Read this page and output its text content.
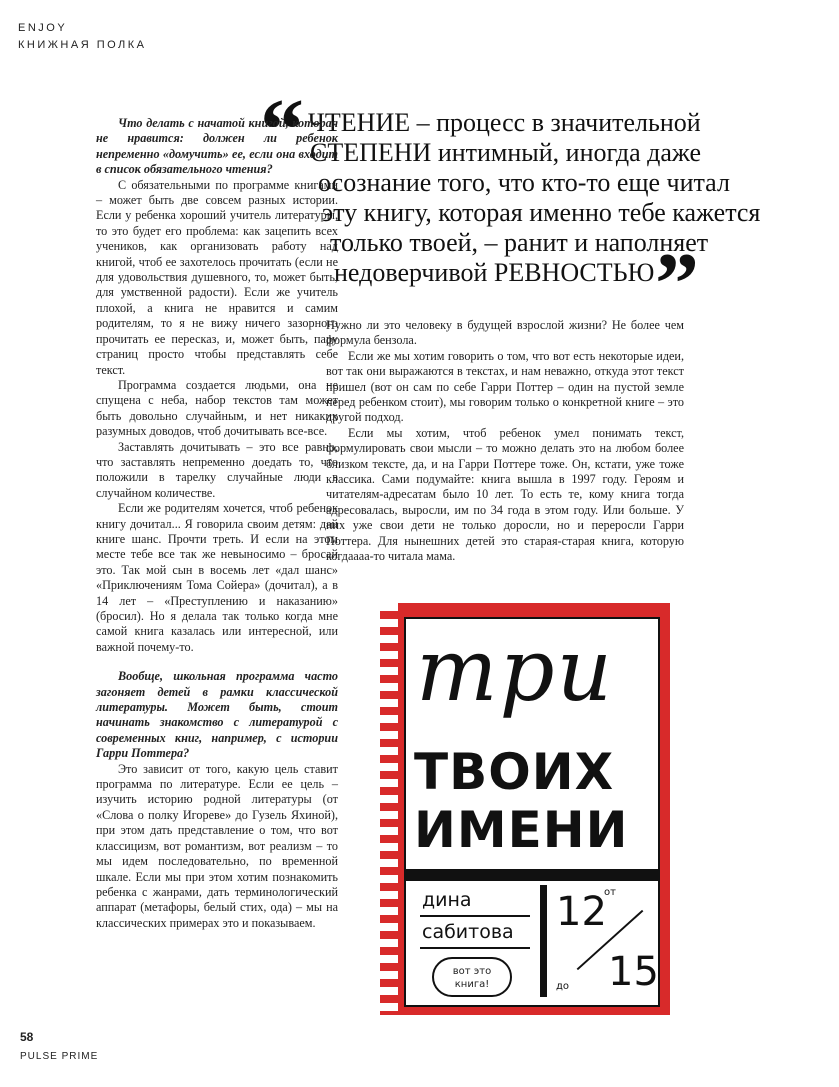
ENJOY
КНИЖНАЯ ПОЛКА
“ ЧТЕНИЕ – процесс в значительной
СТЕПЕНИ интимный, иногда даже
осознание того, что кто-то еще читал
эту книгу, которая именно тебе кажется
только твоей, – ранит и наполняет
недоверчивой РЕВНОСТЬЮ ”

Что делать с начатой книгой, которая не нравится: должен ли ребенок непременно «домучить» ее, если она входит в список обязательного чтения?

С обязательными по программе книгами – может быть две совсем разных истории. Если у ребенка хороший учитель литературы, то это будет его проблема: как зацепить всех учеников, как организовать работу над книгой, чтоб ее захотелось прочитать (если не для удовольствия душевного, то, может быть, для умственной радости). Если же учитель плохой, а книга не нравится и самим родителям, то я не вижу ничего зазорного прочитать ее пересказ, и, может быть, пару страниц просто чтобы представлять себе текст.

Программа создается людьми, она не спущена с неба, набор текстов там может быть довольно случайным, и нет никаких разумных доводов, чтоб дочитывать все-все.

Заставлять дочитывать – это все равно, что заставлять непременно доедать то, что положили в тарелку случайные люди в случайном количестве.

Если же родителям хочется, чтоб ребенок книгу дочитал... Я говорила своим детям: дай книге шанс. Прочти треть. И если на этом месте тебе все так же невыносимо – бросай это. Так мой сын в восемь лет «дал шанс» «Приключениям Тома Сойера» (дочитал), а в 14 лет – «Преступлению и наказанию» (бросил). Но я делала так только когда мне самой книга казалась или интересной, или важной почему-то.

Вообще, школьная программа часто загоняет детей в рамки классической литературы. Может быть, стоит начинать знакомство с литературой с современных книг, например, с истории Гарри Поттера?

Это зависит от того, какую цель ставит программа по литературе. Если ее цель – изучить историю родной литературы (от «Слова о полку Игореве» до Гузель Яхиной), при этом дать представление о том, что вот классицизм, вот романтизм, вот реализм – то мы идем последовательно, по временной шкале. Если мы при этом хотим познакомить ребенка с жанрами, дать терминологический аппарат (метафоры, белый стих, ода) – мы на классических примерах это и показываем.

Нужно ли это человеку в будущей взрослой жизни? Не более чем формула бензола.

Если же мы хотим говорить о том, что вот есть некоторые идеи, вот так они выражаются в текстах, и нам неважно, откуда этот текст пришел (вот он сам по себе Гарри Поттер – один на пустой земле перед ребенком стоит), мы говорим только о конкретной книге – это другой подход.

Если мы хотим, чтоб ребенок умел понимать текст, формулировать свои мысли – то можно делать это на любом более близком тексте, да, и на Гарри Поттере тоже. Он, кстати, уже тоже классика. Сами подумайте: книга вышла в 1997 году. Героям и читателям-адресатам было 10 лет. То есть те, кому книга тогда адресовалась, выросли, им по 34 года в этом году. Или больше. У них уже свои дети не только доросли, но и переросли Гарри Поттера. Для нынешних детей это старая-старая книга, которую когдаааа-то читала мама.

три
ТВОИХ
ИМЕНИ
дина
сабитова
вот это книга!
от
12
до 15
58
PULSE PRIME
